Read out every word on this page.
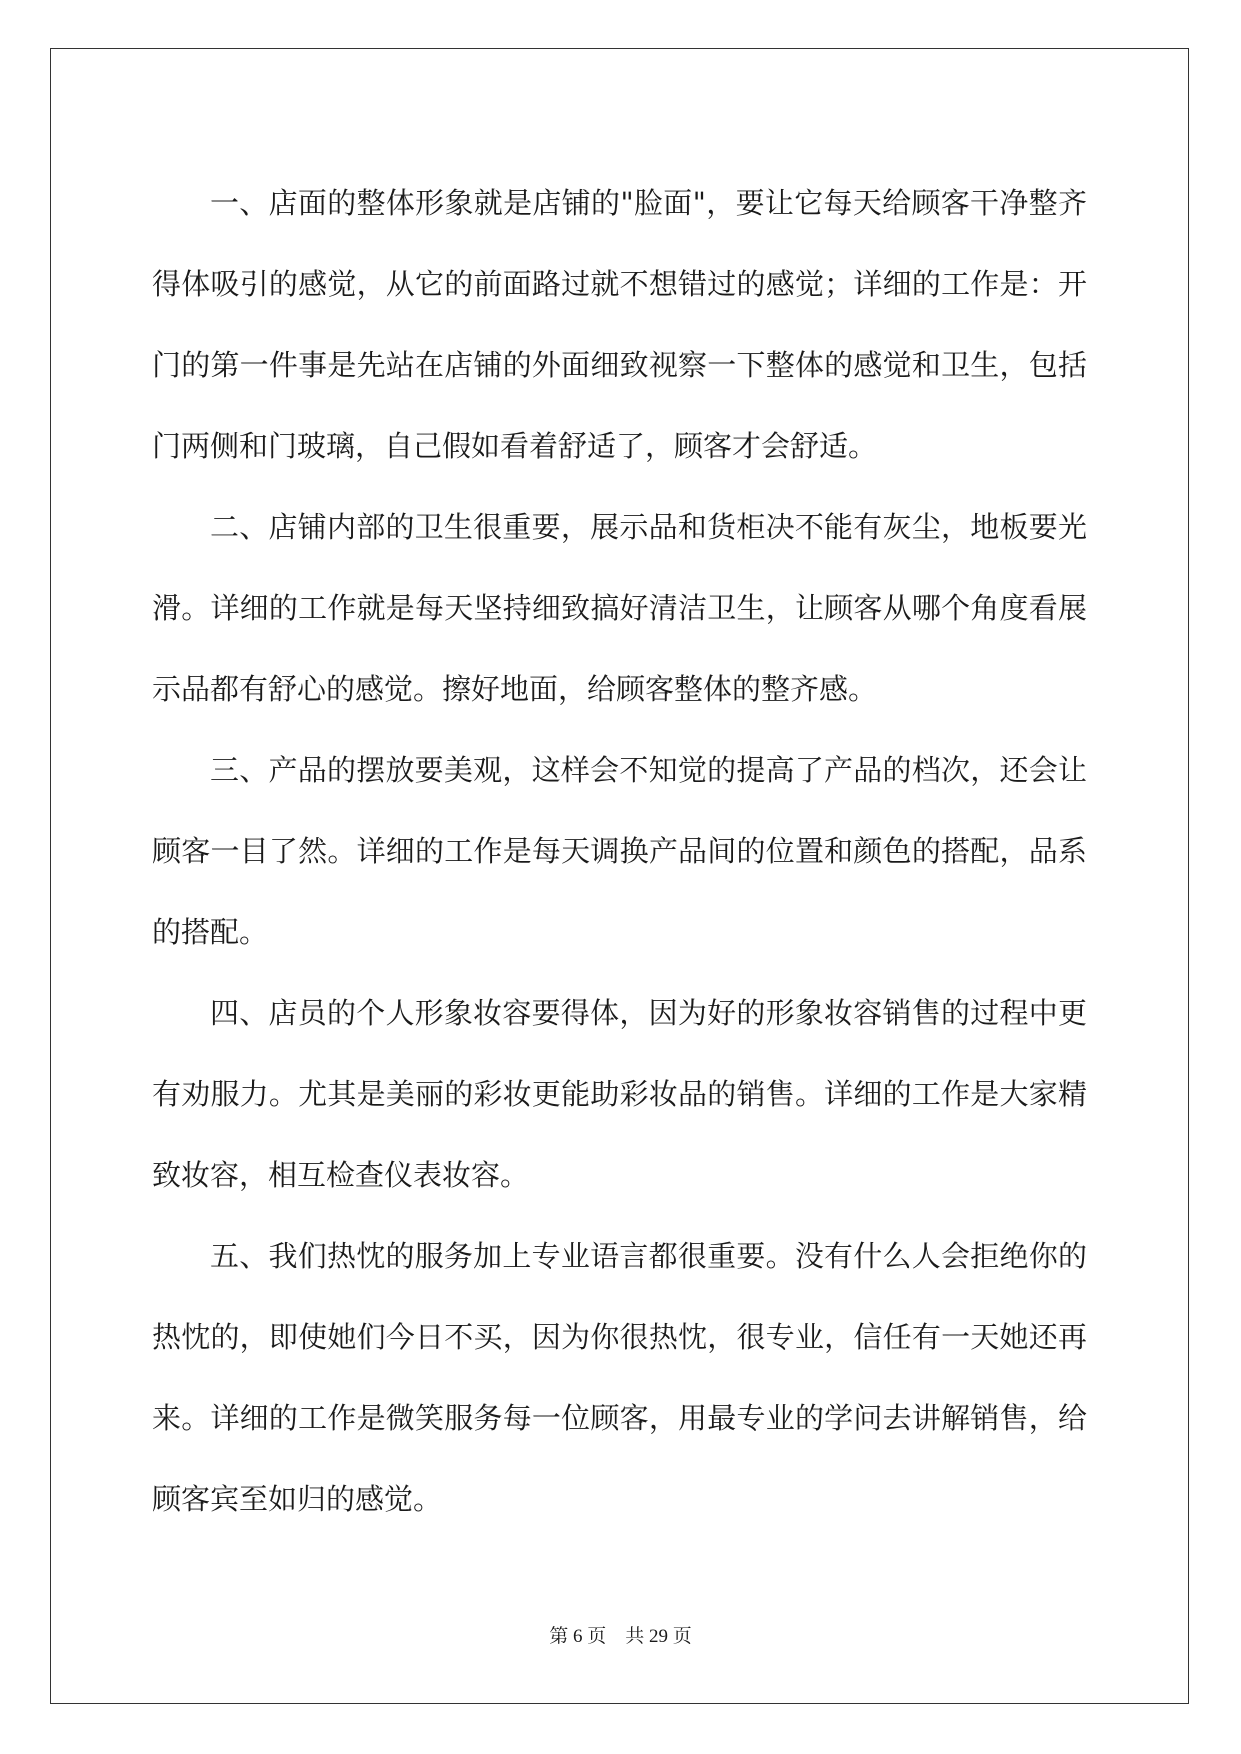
一、店面的整体形象就是店铺的"脸面"，要让它每天给顾客干净整齐得体吸引的感觉，从它的前面路过就不想错过的感觉；详细的工作是：开门的第一件事是先站在店铺的外面细致视察一下整体的感觉和卫生，包括门两侧和门玻璃，自己假如看着舒适了，顾客才会舒适。

二、店铺内部的卫生很重要，展示品和货柜决不能有灰尘，地板要光滑。详细的工作就是每天坚持细致搞好清洁卫生，让顾客从哪个角度看展示品都有舒心的感觉。擦好地面，给顾客整体的整齐感。

三、产品的摆放要美观，这样会不知觉的提高了产品的档次，还会让顾客一目了然。详细的工作是每天调换产品间的位置和颜色的搭配，品系的搭配。

四、店员的个人形象妆容要得体，因为好的形象妆容销售的过程中更有劝服力。尤其是美丽的彩妆更能助彩妆品的销售。详细的工作是大家精致妆容，相互检查仪表妆容。

五、我们热忱的服务加上专业语言都很重要。没有什么人会拒绝你的热忱的，即使她们今日不买，因为你很热忱，很专业，信任有一天她还再来。详细的工作是微笑服务每一位顾客，用最专业的学问去讲解销售，给顾客宾至如归的感觉。

第 6 页    共 29 页
